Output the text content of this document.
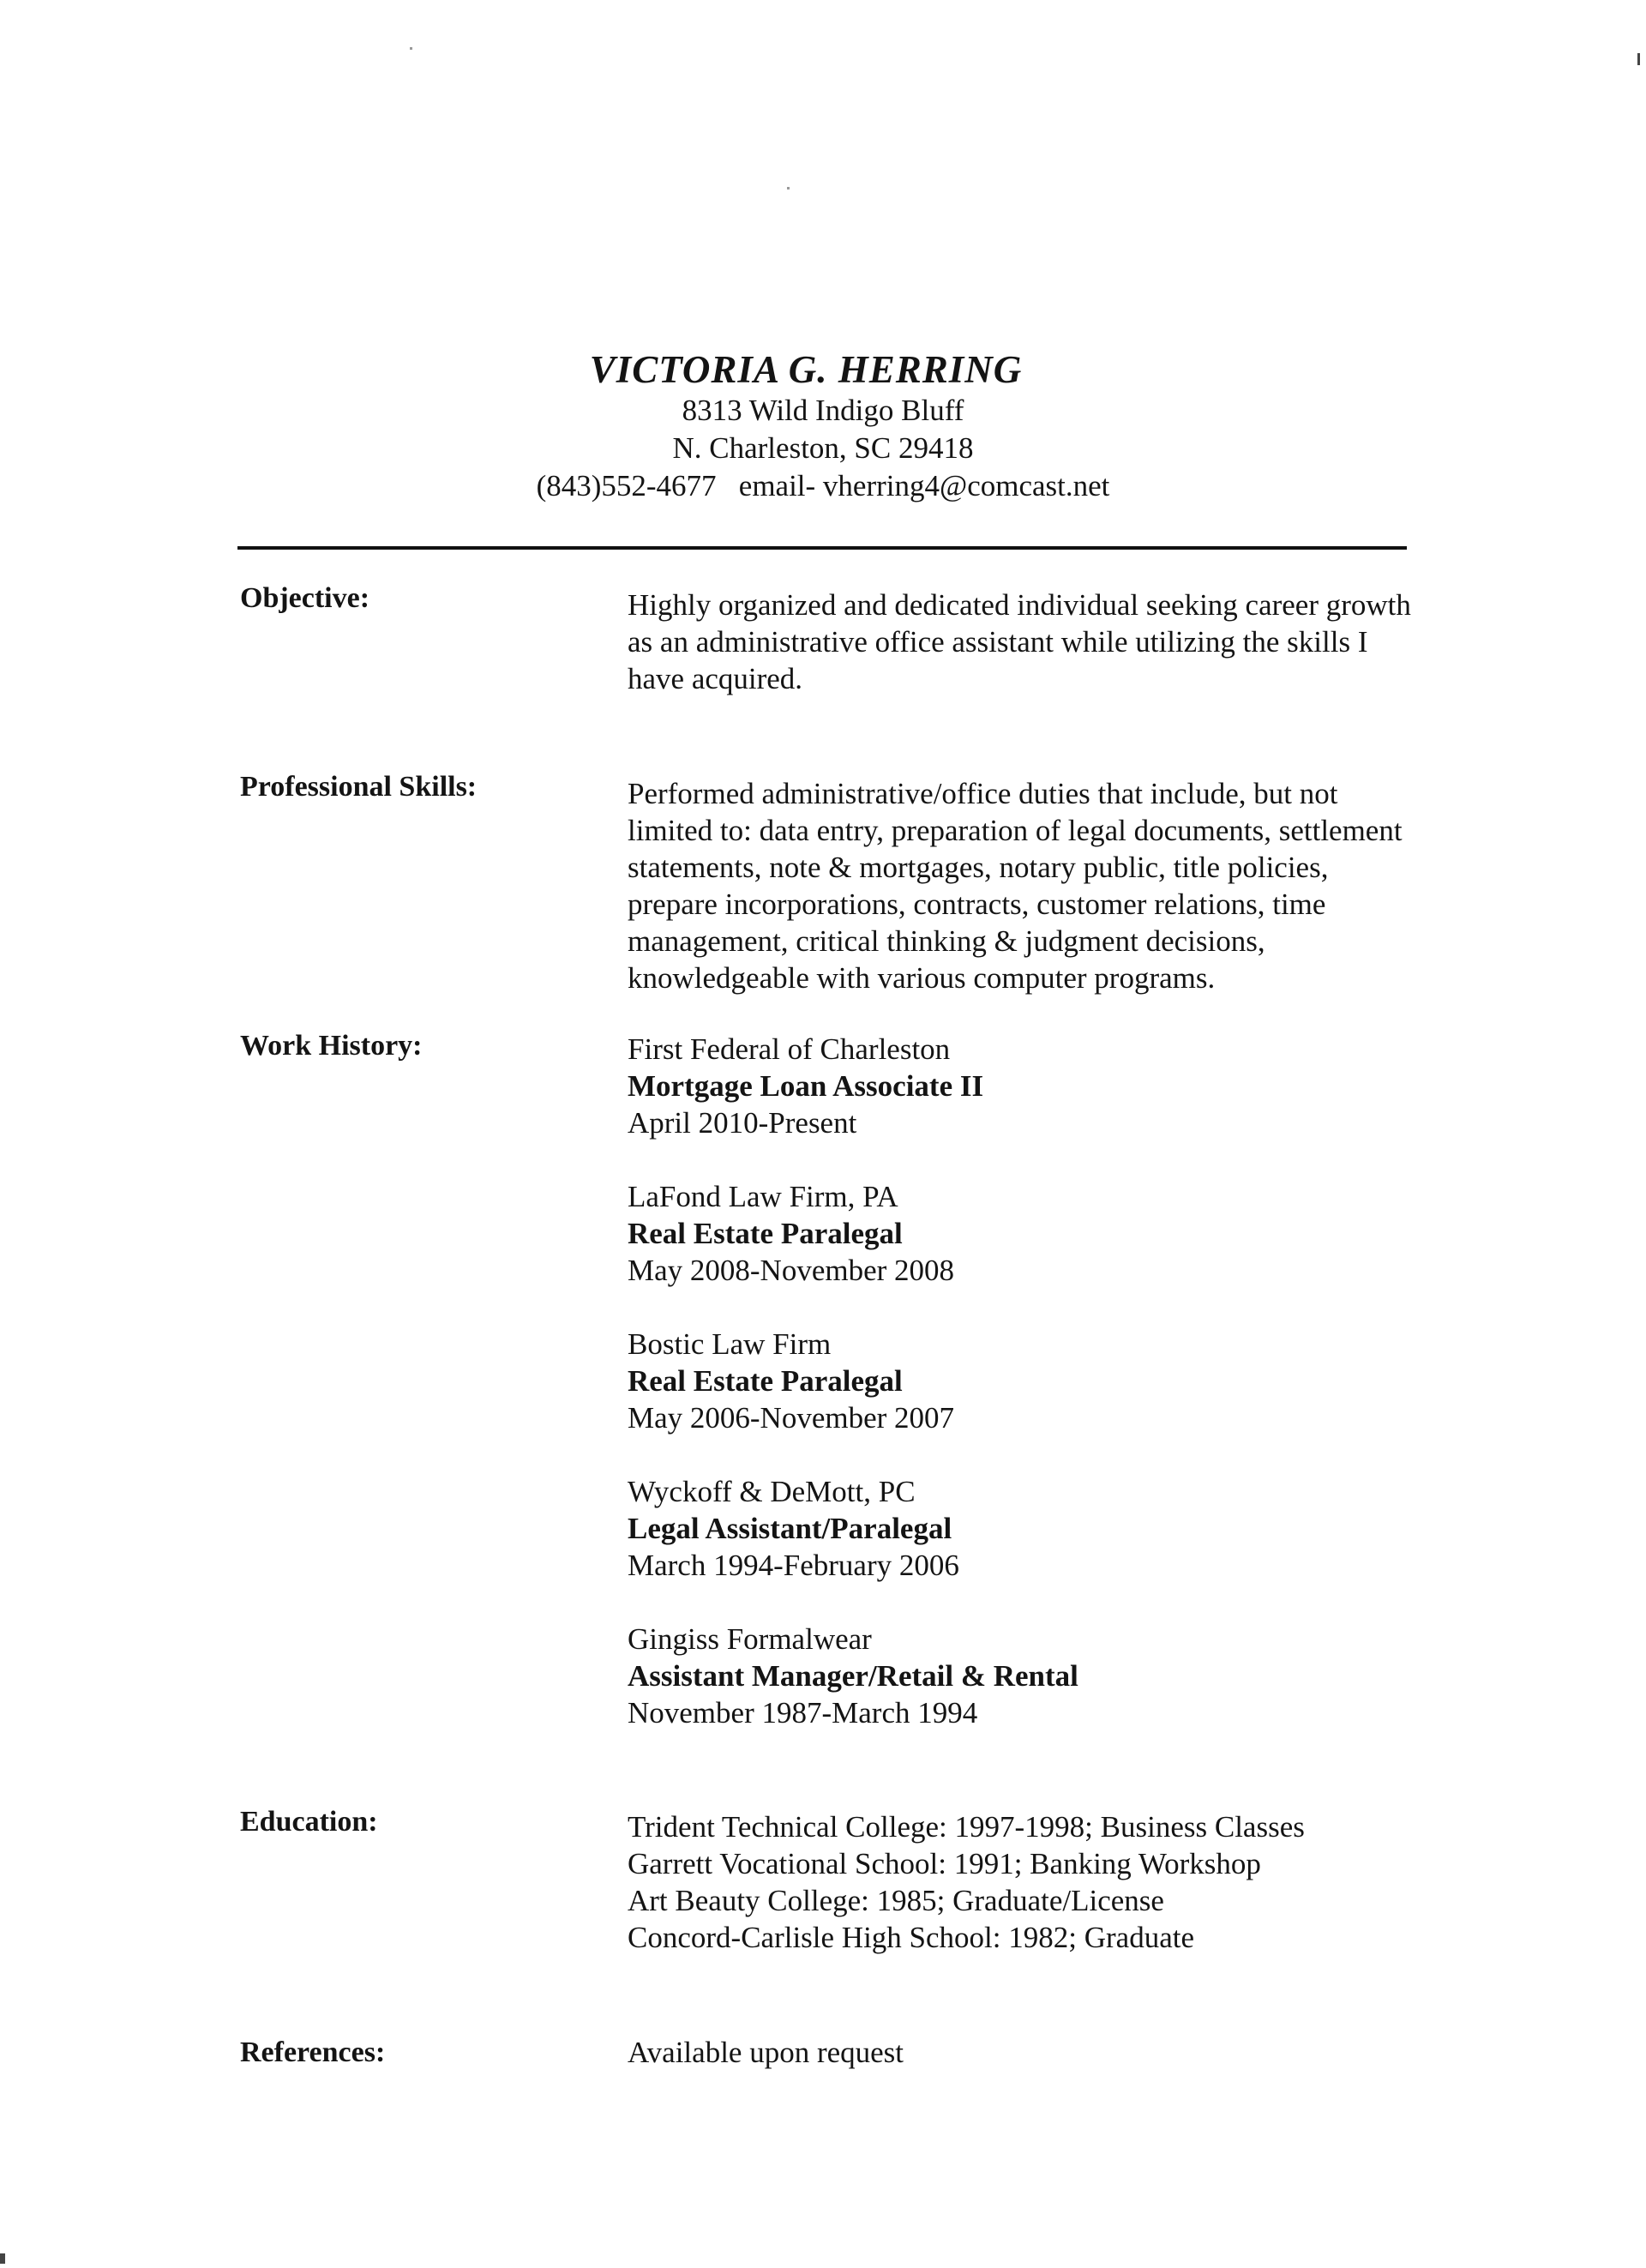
VICTORIA G. HERRING
8313 Wild Indigo Bluff
N. Charleston, SC 29418
(843)552-4677   email- vherring4@comcast.net
Objective:	Highly organized and dedicated individual seeking career growth as an administrative office assistant while utilizing the skills I have acquired.
Professional Skills:	Performed administrative/office duties that include, but not limited to: data entry, preparation of legal documents, settlement statements, note & mortgages, notary public, title policies, prepare incorporations, contracts, customer relations, time management, critical thinking & judgment decisions, knowledgeable with various computer programs.
Work History:	First Federal of Charleston
Mortgage Loan Associate II
April 2010-Present
LaFond Law Firm, PA
Real Estate Paralegal
May 2008-November 2008
Bostic Law Firm
Real Estate Paralegal
May 2006-November 2007
Wyckoff & DeMott, PC
Legal Assistant/Paralegal
March 1994-February 2006
Gingiss Formalwear
Assistant Manager/Retail & Rental
November 1987-March 1994
Education:	Trident Technical College: 1997-1998; Business Classes
Garrett Vocational School: 1991; Banking Workshop
Art Beauty College: 1985; Graduate/License
Concord-Carlisle High School: 1982; Graduate
References:	Available upon request
